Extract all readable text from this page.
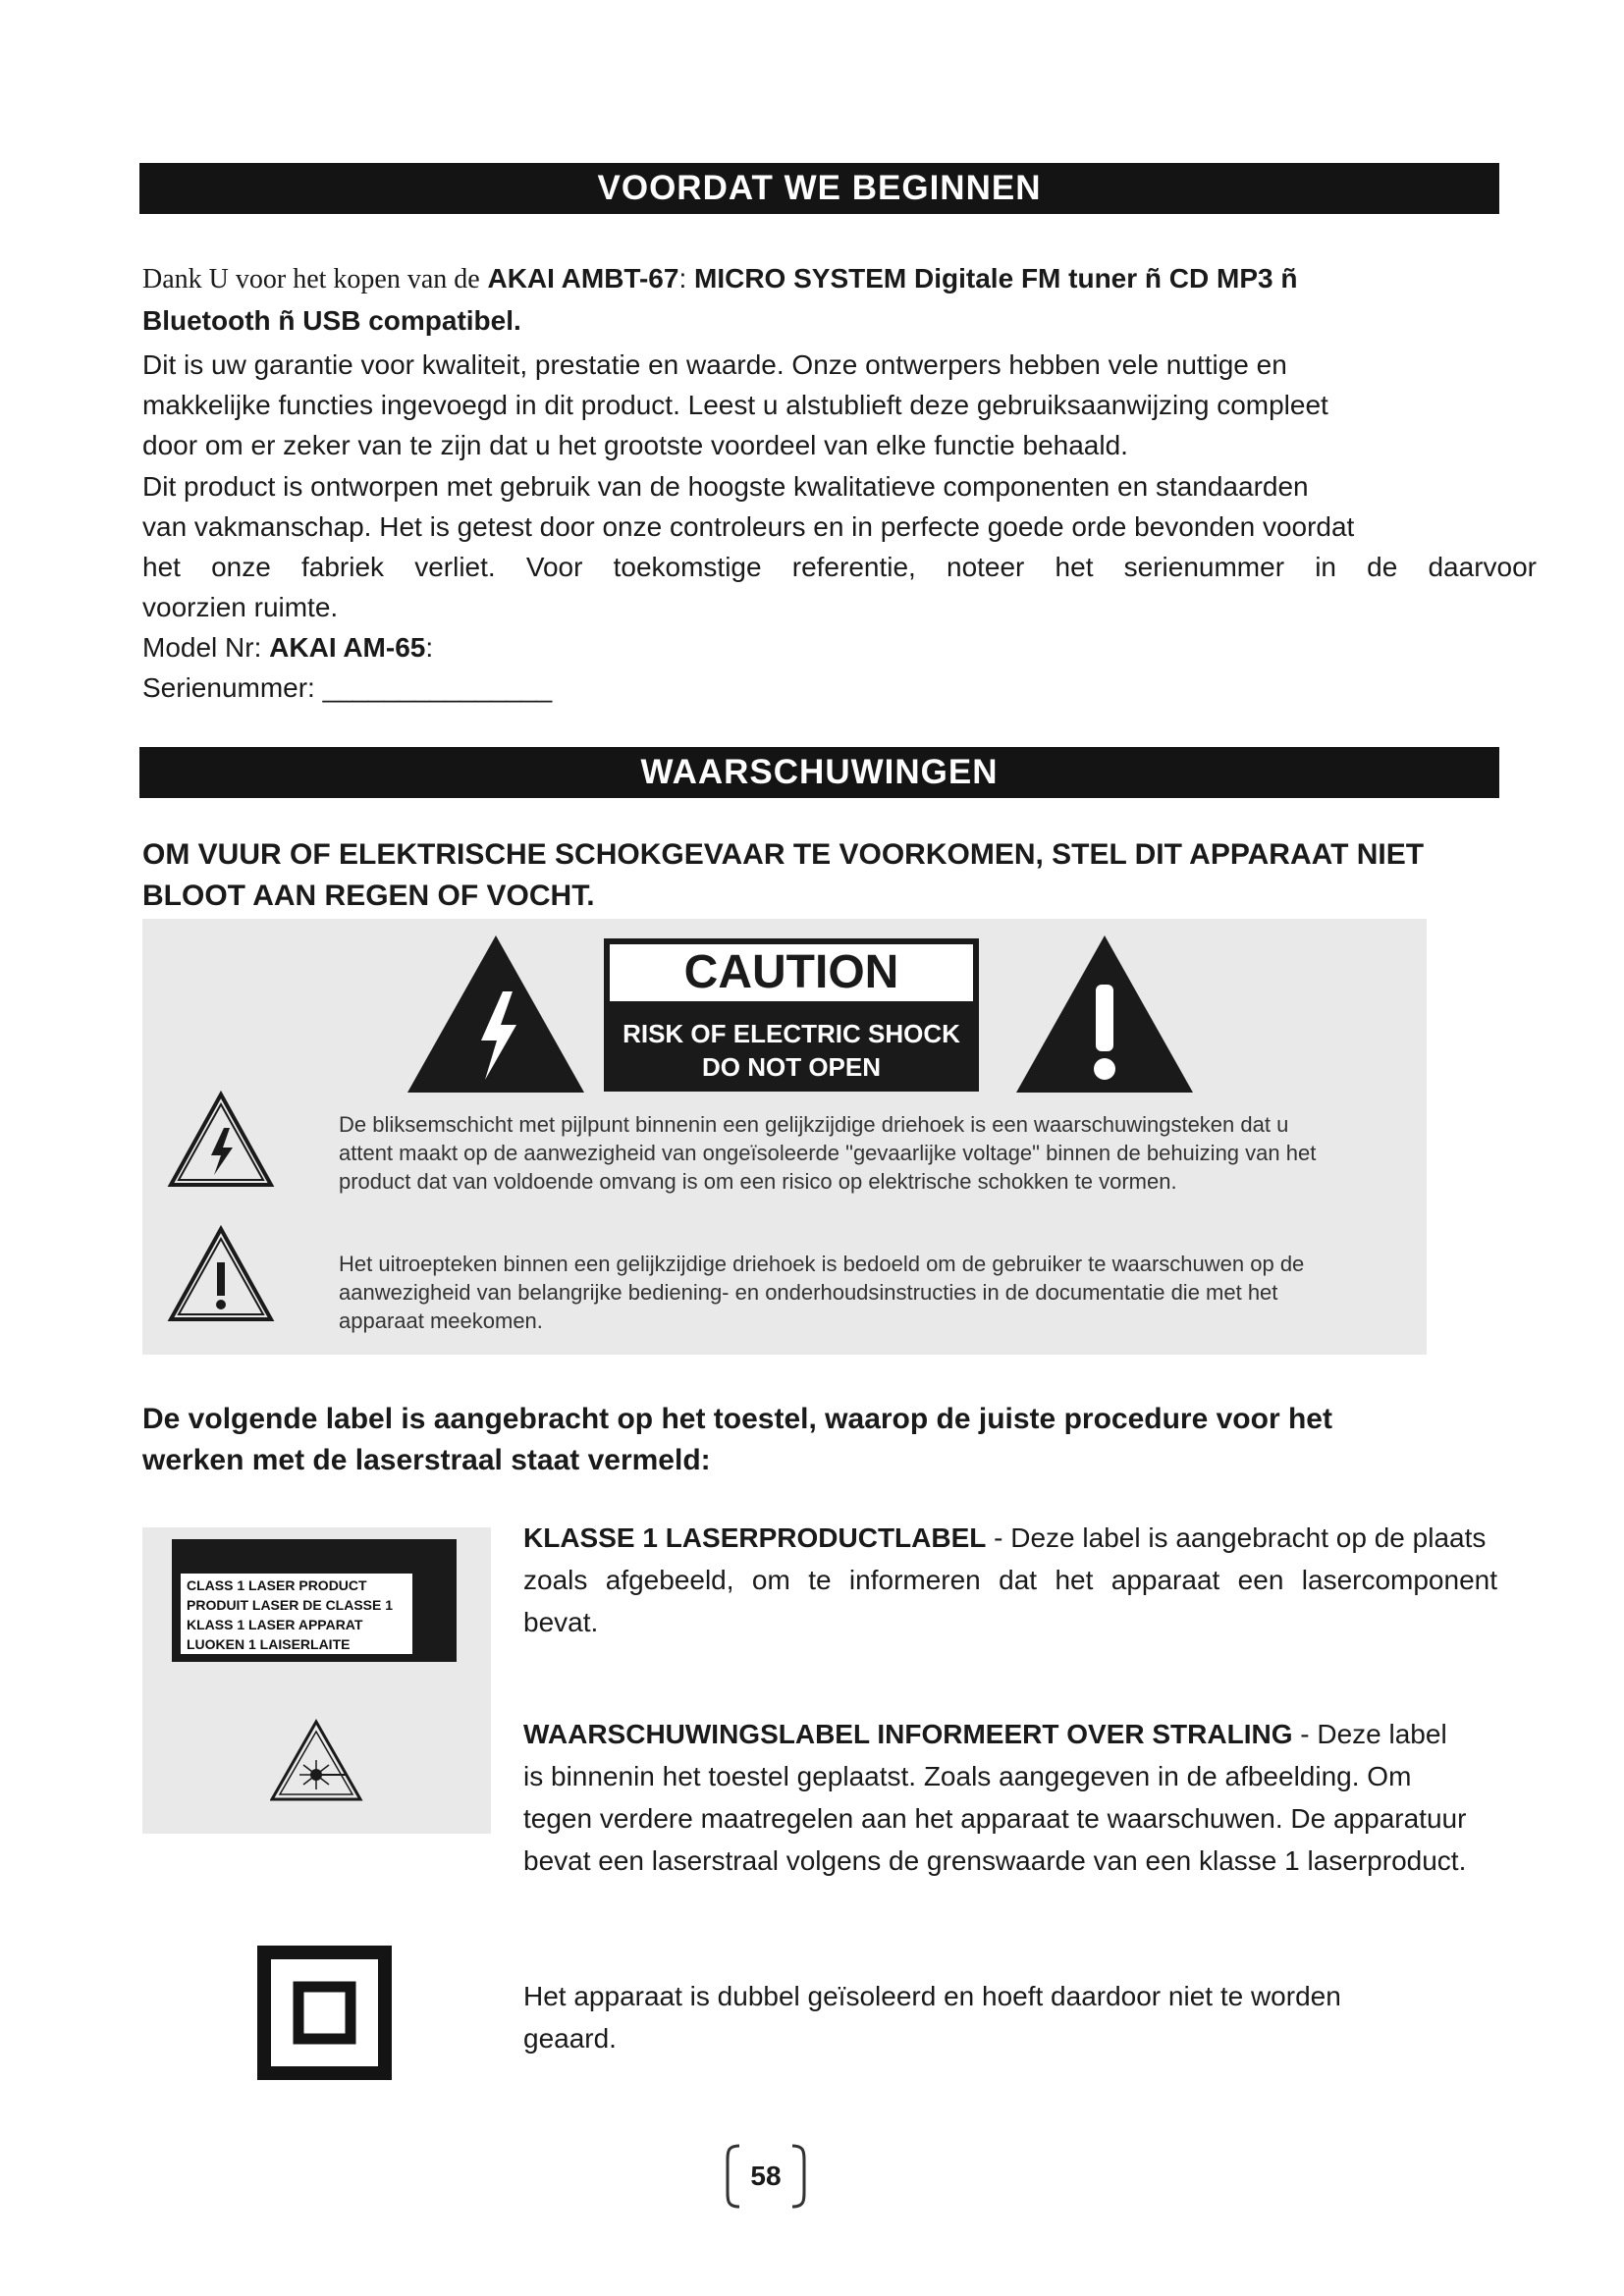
VOORDAT WE BEGINNEN
Dank U voor het kopen van de AKAI AMBT-67: MICRO SYSTEM Digitale FM tuner ñ CD MP3 ñ
Bluetooth ñ USB compatibel.
Dit is uw garantie voor kwaliteit, prestatie en waarde. Onze ontwerpers hebben vele nuttige en
makkelijke functies ingevoegd in dit product. Leest u alstublieft deze gebruiksaanwijzing compleet
door om er zeker van te zijn dat u het grootste voordeel van elke functie behaald.
Dit product is ontworpen met gebruik van de hoogste kwalitatieve componenten en standaarden
van vakmanschap. Het is getest door onze controleurs en in perfecte goede orde bevonden voordat
het onze fabriek verliet. Voor toekomstige referentie, noteer het serienummer in de daarvoor
voorzien ruimte.
Model Nr: AKAI AM-65:
Serienummer: _______________
WAARSCHUWINGEN
OM VUUR OF ELEKTRISCHE SCHOKGEVAAR TE VOORKOMEN, STEL DIT APPARAAT NIET
BLOOT AAN REGEN OF VOCHT.
CAUTION
RISK OF ELECTRIC SHOCK
DO NOT OPEN
De bliksemschicht met pijlpunt binnenin een gelijkzijdige driehoek is een waarschuwingsteken dat u
attent maakt op de aanwezigheid van ongeïsoleerde "gevaarlijke voltage" binnen de behuizing van het
product dat van voldoende omvang is om een risico op elektrische schokken te vormen.
Het uitroepteken binnen een gelijkzijdige driehoek is bedoeld om de gebruiker te waarschuwen op de
aanwezigheid van belangrijke bediening- en onderhoudsinstructies in de documentatie die met het
apparaat meekomen.
De volgende label is aangebracht op het toestel, waarop de juiste procedure voor het
werken met de laserstraal staat vermeld:
CLASS 1 LASER PRODUCT
PRODUIT LASER DE CLASSE 1
KLASS 1 LASER APPARAT
LUOKEN 1 LAISERLAITE
KLASSE 1 LASERPRODUCTLABEL - Deze label is aangebracht op de plaats
zoals afgebeeld, om te informeren dat het apparaat een lasercomponent
bevat.
WAARSCHUWINGSLABEL INFORMEERT OVER STRALING - Deze label
is binnenin het toestel geplaatst. Zoals aangegeven in de afbeelding. Om
tegen verdere maatregelen aan het apparaat te waarschuwen. De apparatuur
bevat een laserstraal volgens de grenswaarde van een klasse 1 laserproduct.
Het apparaat is dubbel geïsoleerd en hoeft daardoor niet te worden
geaard.
58
